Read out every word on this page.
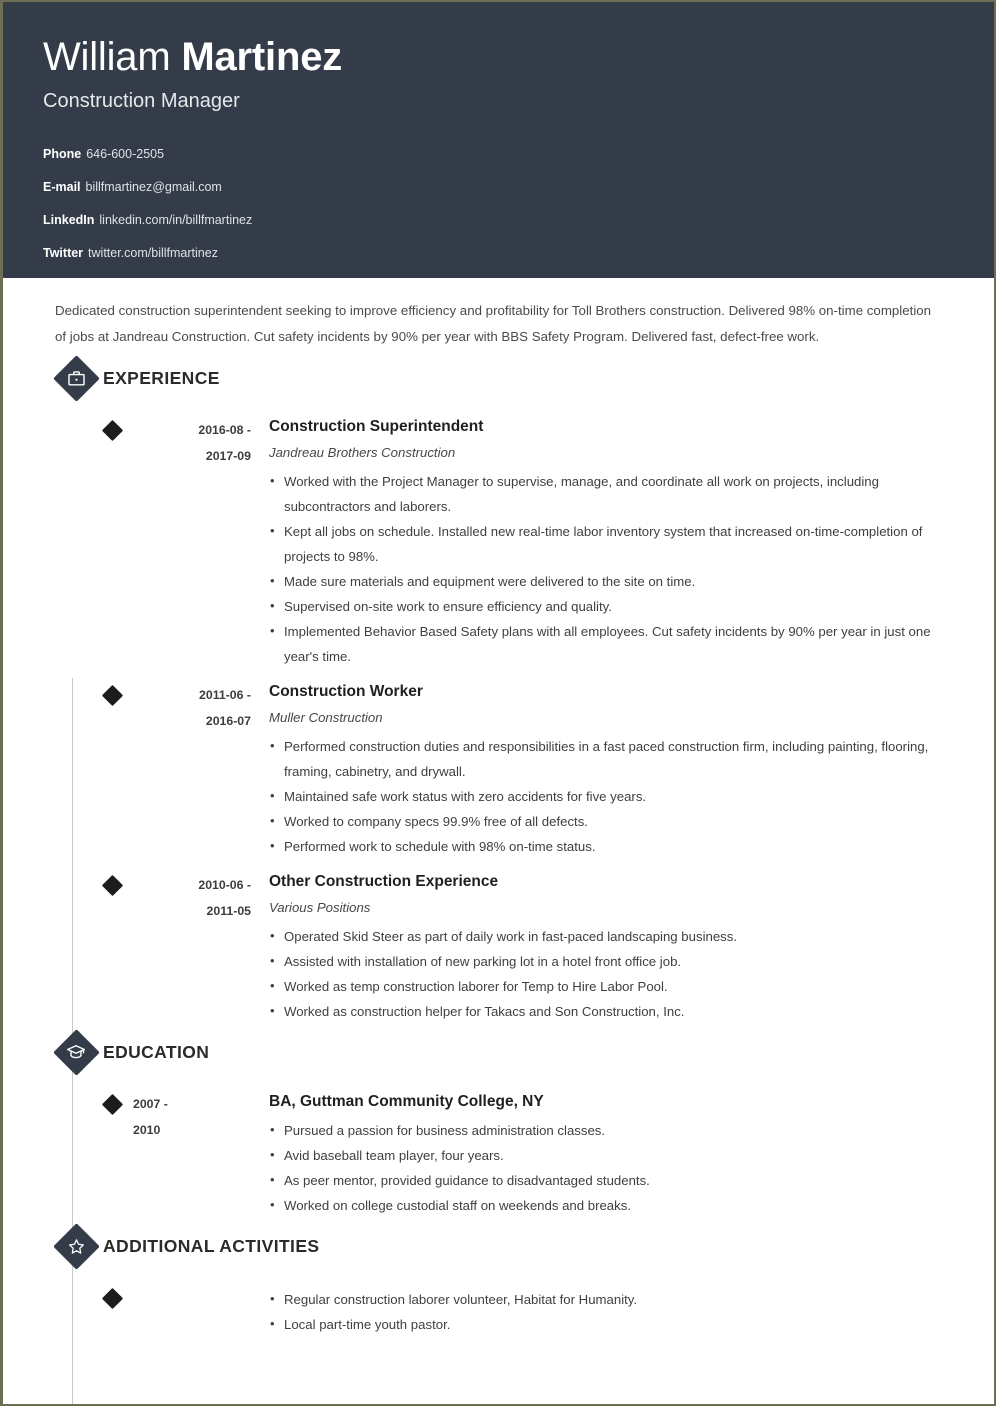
William Martinez
Construction Manager
Phone 646-600-2505
E-mail billfmartinez@gmail.com
LinkedIn linkedin.com/in/billfmartinez
Twitter twitter.com/billfmartinez

Dedicated construction superintendent seeking to improve efficiency and profitability for Toll Brothers construction. Delivered 98% on-time completion of jobs at Jandreau Construction. Cut safety incidents by 90% per year with BBS Safety Program. Delivered fast, defect-free work.

EXPERIENCE
2016-08 -
2017-09
Construction Superintendent
Jandreau Brothers Construction
• Worked with the Project Manager to supervise, manage, and coordinate all work on projects, including subcontractors and laborers.
• Kept all jobs on schedule. Installed new real-time labor inventory system that increased on-time-completion of projects to 98%.
• Made sure materials and equipment were delivered to the site on time.
• Supervised on-site work to ensure efficiency and quality.
• Implemented Behavior Based Safety plans with all employees. Cut safety incidents by 90% per year in just one year's time.
2011-06 -
2016-07
Construction Worker
Muller Construction
• Performed construction duties and responsibilities in a fast paced construction firm, including painting, flooring, framing, cabinetry, and drywall.
• Maintained safe work status with zero accidents for five years.
• Worked to company specs 99.9% free of all defects.
• Performed work to schedule with 98% on-time status.
2010-06 -
2011-05
Other Construction Experience
Various Positions
• Operated Skid Steer as part of daily work in fast-paced landscaping business.
• Assisted with installation of new parking lot in a hotel front office job.
• Worked as temp construction laborer for Temp to Hire Labor Pool.
• Worked as construction helper for Takacs and Son Construction, Inc.
EDUCATION
2007 -
2010
BA, Guttman Community College, NY
• Pursued a passion for business administration classes.
• Avid baseball team player, four years.
• As peer mentor, provided guidance to disadvantaged students.
• Worked on college custodial staff on weekends and breaks.
ADDITIONAL ACTIVITIES
• Regular construction laborer volunteer, Habitat for Humanity.
• Local part-time youth pastor.
